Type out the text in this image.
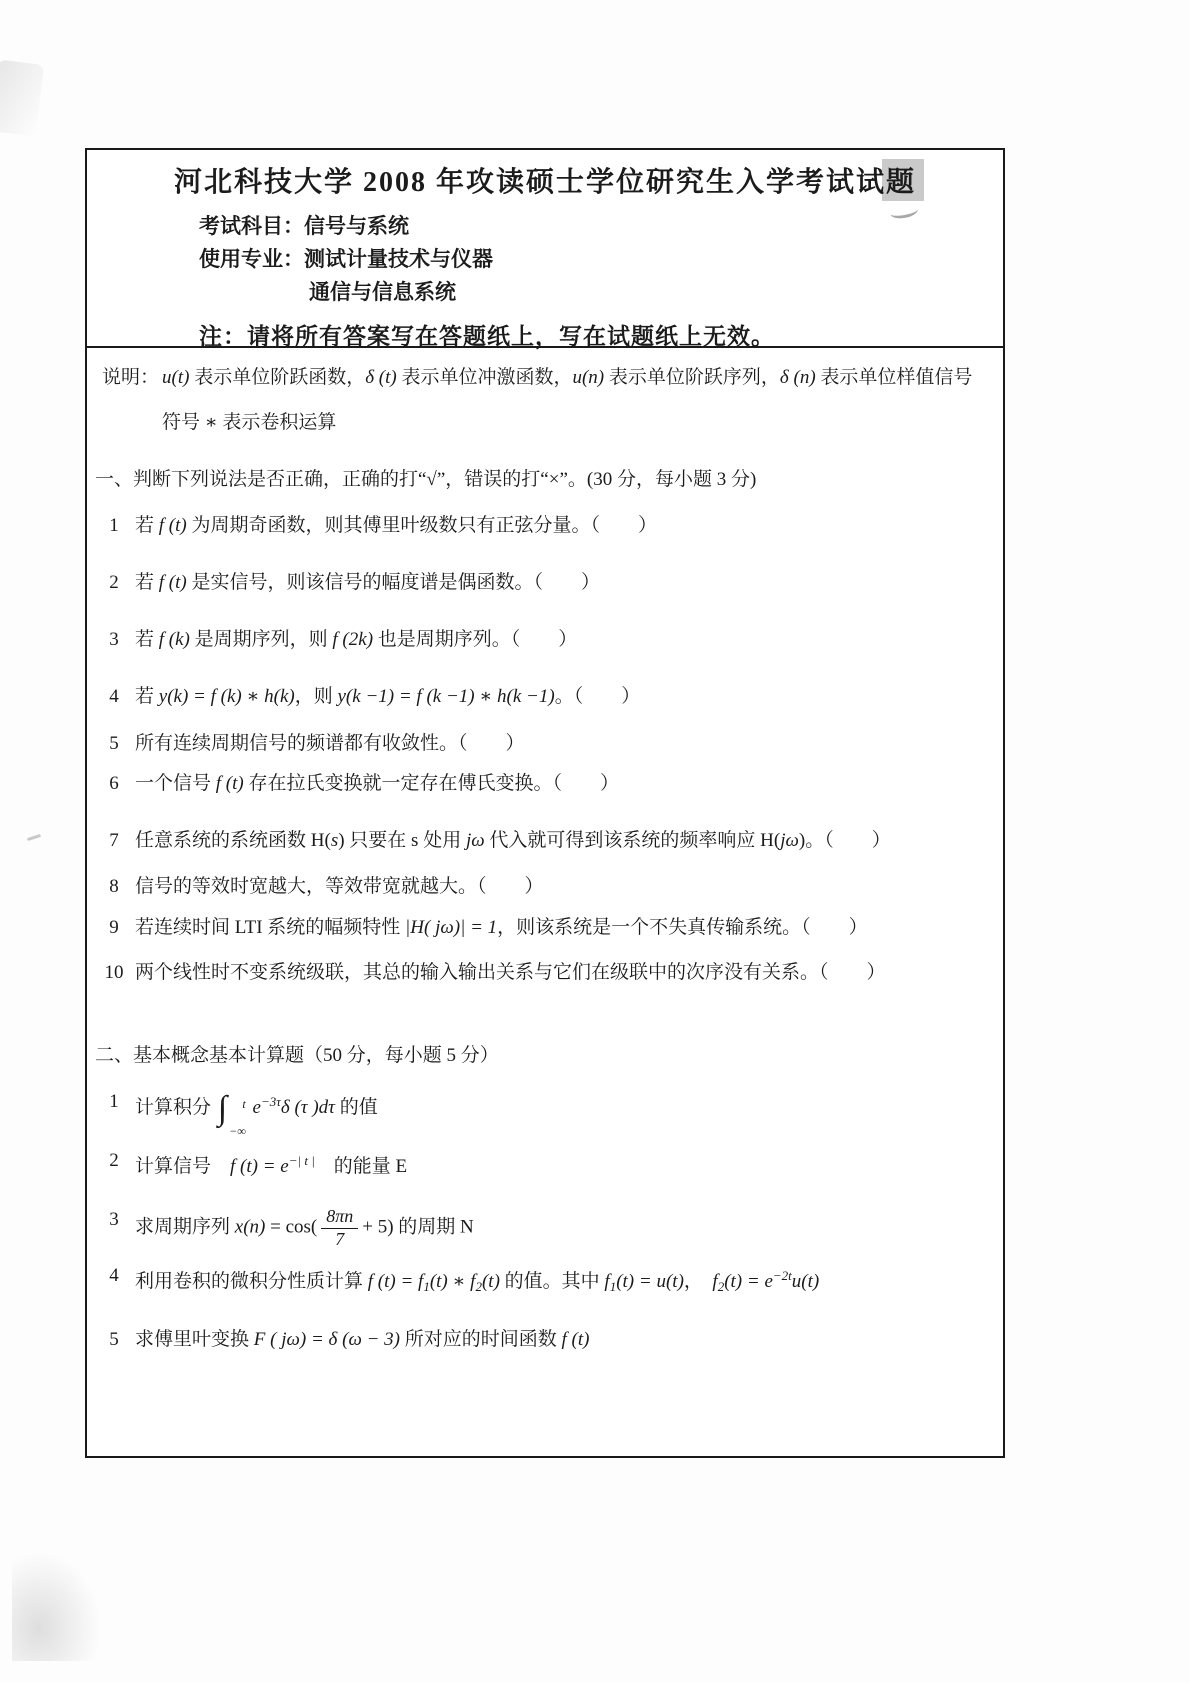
河北科技大学 2008 年攻读硕士学位研究生入学考试试题
考试科目：信号与系统
使用专业：测试计量技术与仪器
通信与信息系统
注：请将所有答案写在答题纸上，写在试题纸上无效。
说明： u(t) 表示单位阶跃函数，δ (t) 表示单位冲激函数，u(n) 表示单位阶跃序列，δ (n) 表示单位样值信号
符号 ∗ 表示卷积运算
一、判断下列说法是否正确，正确的打“√”，错误的打“×”。(30 分，每小题 3 分)
1 若 f (t) 为周期奇函数，则其傅里叶级数只有正弦分量。（　　）
2 若 f (t) 是实信号，则该信号的幅度谱是偶函数。（　　）
3 若 f (k) 是周期序列，则 f (2k) 也是周期序列。（　　）
4 若 y(k) = f (k) ∗ h(k)，则 y(k −1) = f (k −1) ∗ h(k −1)。（　　）
5 所有连续周期信号的频谱都有收敛性。（　　）
6 一个信号 f (t) 存在拉氏变换就一定存在傅氏变换。（　　）
7 任意系统的系统函数 H(s) 只要在 s 处用 jω 代入就可得到该系统的频率响应 H(jω)。（　　）
8 信号的等效时宽越大，等效带宽就越大。（　　）
9 若连续时间 LTI 系统的幅频特性 |H( jω)| = 1，则该系统是一个不失真传输系统。（　　）
10 两个线性时不变系统级联，其总的输入输出关系与它们在级联中的次序没有关系。（　　）
二、基本概念基本计算题（50 分，每小题 5 分）
1 计算积分 ∫ t
−∞
$e^{-3\tau}\delta$ (τ )dτ 的值
2 计算信号　f $(t) = e^{-| t |}$　的能量 E
3 求周期序列 $x(n) = \cos( \frac{8\pi n}{7} + 5)$ 的周期 N
4 利用卷积的微积分性质计算 f $(t) = f_1(t)$ ∗ $f_2(t)$ 的值。其中 $f_1(t) = u(t)$，　$f_2(t) = e^{-2t}u(t)$
5 求傅里叶变换 F ( jω) = δ (ω − 3) 所对应的时间函数 f (t)
